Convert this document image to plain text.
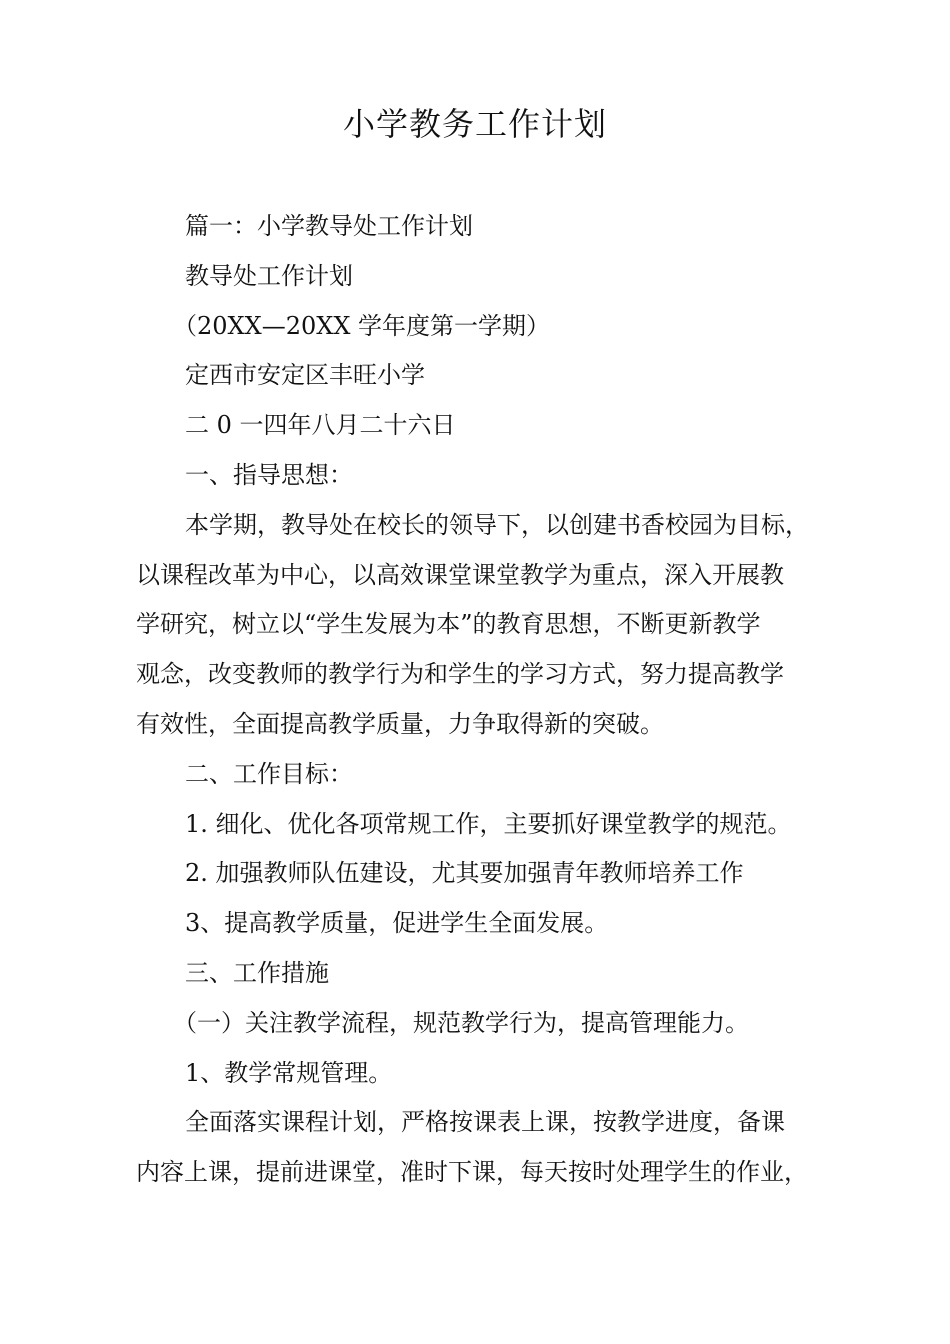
小学教务工作计划

篇一：小学教导处工作计划

教导处工作计划

（20XX—20XX 学年度第一学期）

定西市安定区丰旺小学

二 0 一四年八月二十六日

一、指导思想：

本学期，教导处在校长的领导下，以创建书香校园为目标，
以课程改革为中心，以高效课堂课堂教学为重点，深入开展教
学研究，树立以“学生发展为本”的教育思想，不断更新教学
观念，改变教师的教学行为和学生的学习方式，努力提高教学
有效性，全面提高教学质量，力争取得新的突破。

二、工作目标：

1. 细化、优化各项常规工作，主要抓好课堂教学的规范。

2. 加强教师队伍建设，尤其要加强青年教师培养工作

3、提高教学质量，促进学生全面发展。

三、工作措施

（一）关注教学流程，规范教学行为，提高管理能力。

1、教学常规管理。

全面落实课程计划，严格按课表上课，按教学进度，备课
内容上课，提前进课堂，准时下课，每天按时处理学生的作业，
